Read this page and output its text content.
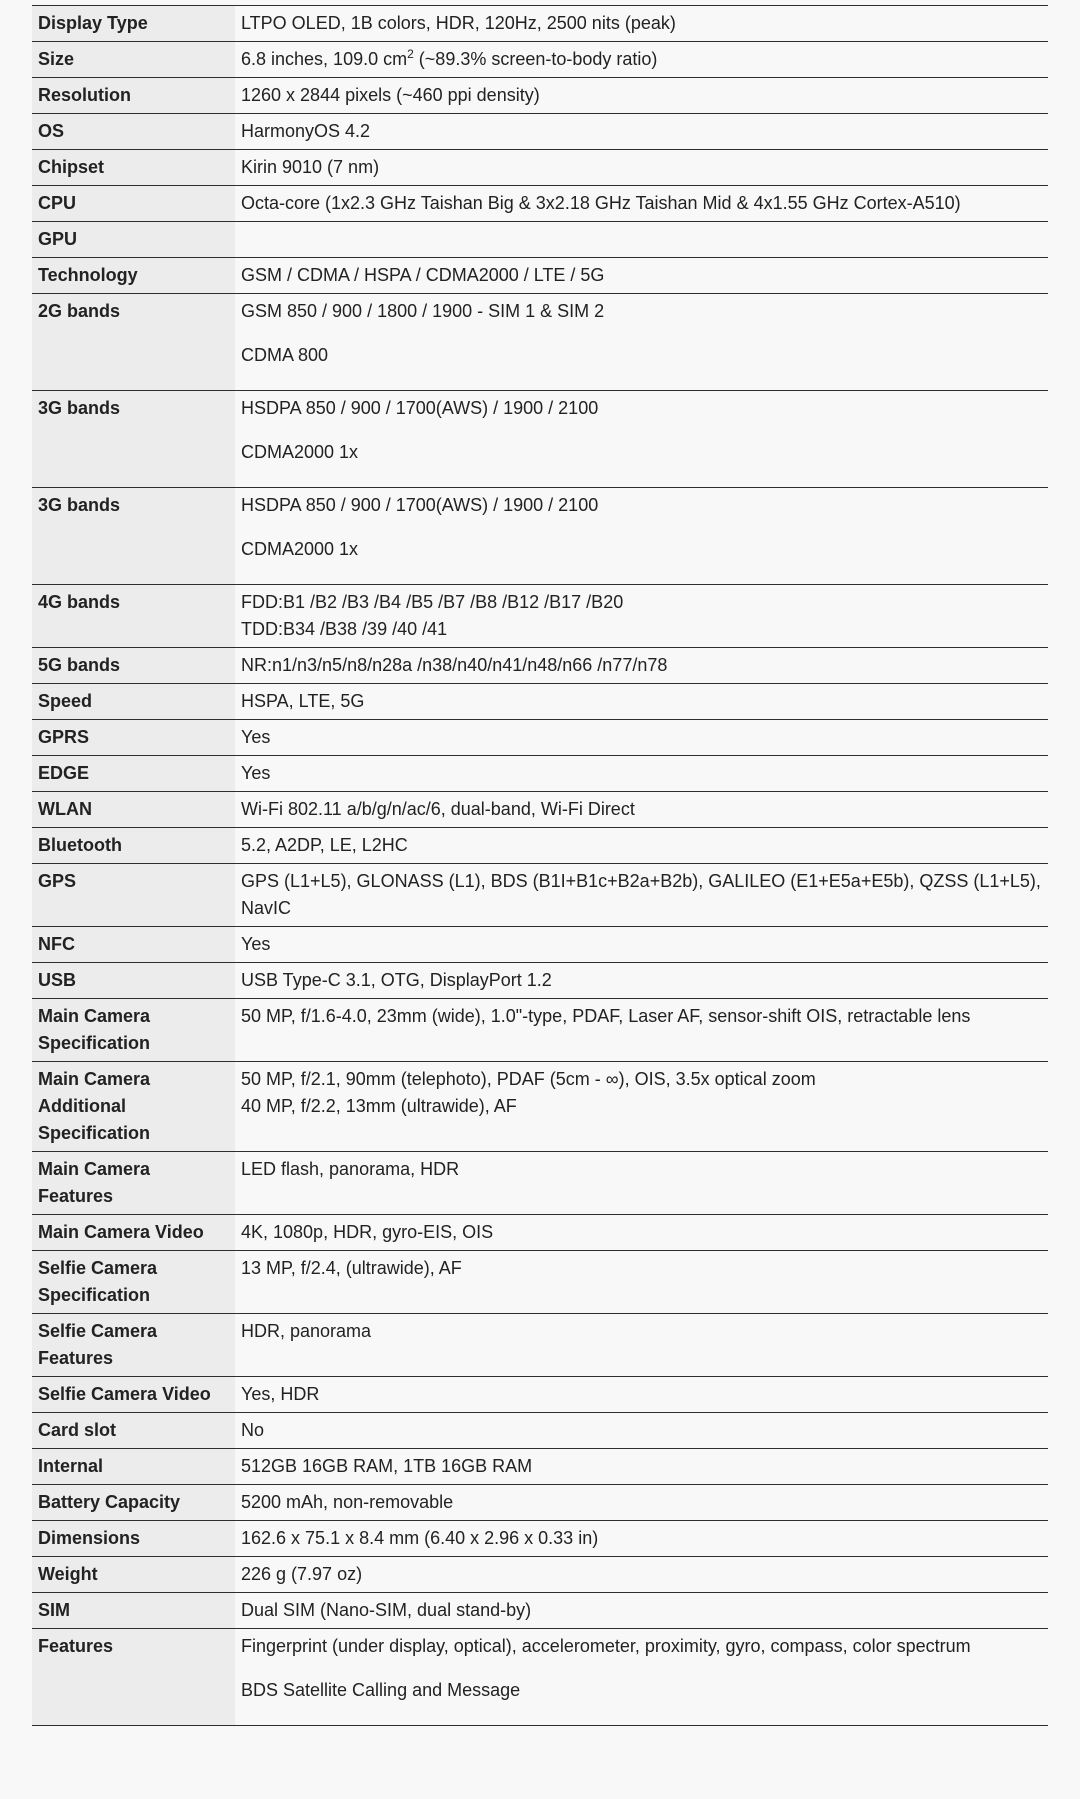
Display Type	LTPO OLED, 1B colors, HDR, 120Hz, 2500 nits (peak)

Size	6.8 inches, 109.0 $cm^2$ (~89.3% screen-to-body ratio)

Resolution	1260 x 2844 pixels (~460 ppi density)

OS	HarmonyOS 4.2

Chipset	Kirin 9010 (7 nm)

CPU	Octa-core (1x2.3 GHz Taishan Big & 3x2.18 GHz Taishan Mid & 4x1.55 GHz Cortex-A510)

GPU	

Technology	GSM / CDMA / HSPA / CDMA2000 / LTE / 5G

2G bands	GSM 850 / 900 / 1800 / 1900 - SIM 1 & SIM 2
CDMA 800

3G bands	HSDPA 850 / 900 / 1700(AWS) / 1900 / 2100
CDMA2000 1x

3G bands	HSDPA 850 / 900 / 1700(AWS) / 1900 / 2100
CDMA2000 1x

4G bands	FDD:B1 /B2 /B3 /B4 /B5 /B7 /B8 /B12 /B17 /B20
TDD:B34 /B38 /39 /40 /41

5G bands	NR:n1/n3/n5/n8/n28a /n38/n40/n41/n48/n66 /n77/n78

Speed	HSPA, LTE, 5G

GPRS	Yes

EDGE	Yes

WLAN	Wi-Fi 802.11 a/b/g/n/ac/6, dual-band, Wi-Fi Direct

Bluetooth	5.2, A2DP, LE, L2HC

GPS	GPS (L1+L5), GLONASS (L1), BDS (B1I+B1c+B2a+B2b), GALILEO (E1+E5a+E5b), QZSS (L1+L5), NavIC

NFC	Yes

USB	USB Type-C 3.1, OTG, DisplayPort 1.2

Main Camera Specification	50 MP, f/1.6-4.0, 23mm (wide), 1.0"-type, PDAF, Laser AF, sensor-shift OIS, retractable lens

Main Camera Additional Specification	50 MP, f/2.1, 90mm (telephoto), PDAF (5cm - ∞), OIS, 3.5x optical zoom
40 MP, f/2.2, 13mm (ultrawide), AF

Main Camera Features	LED flash, panorama, HDR

Main Camera Video	4K, 1080p, HDR, gyro-EIS, OIS

Selfie Camera Specification	13 MP, f/2.4, (ultrawide), AF

Selfie Camera Features	HDR, panorama

Selfie Camera Video	Yes, HDR

Card slot	No

Internal	512GB 16GB RAM, 1TB 16GB RAM

Battery Capacity	5200 mAh, non-removable

Dimensions	162.6 x 75.1 x 8.4 mm (6.40 x 2.96 x 0.33 in)

Weight	226 g (7.97 oz)

SIM	Dual SIM (Nano-SIM, dual stand-by)

Features	Fingerprint (under display, optical), accelerometer, proximity, gyro, compass, color spectrum
BDS Satellite Calling and Message
